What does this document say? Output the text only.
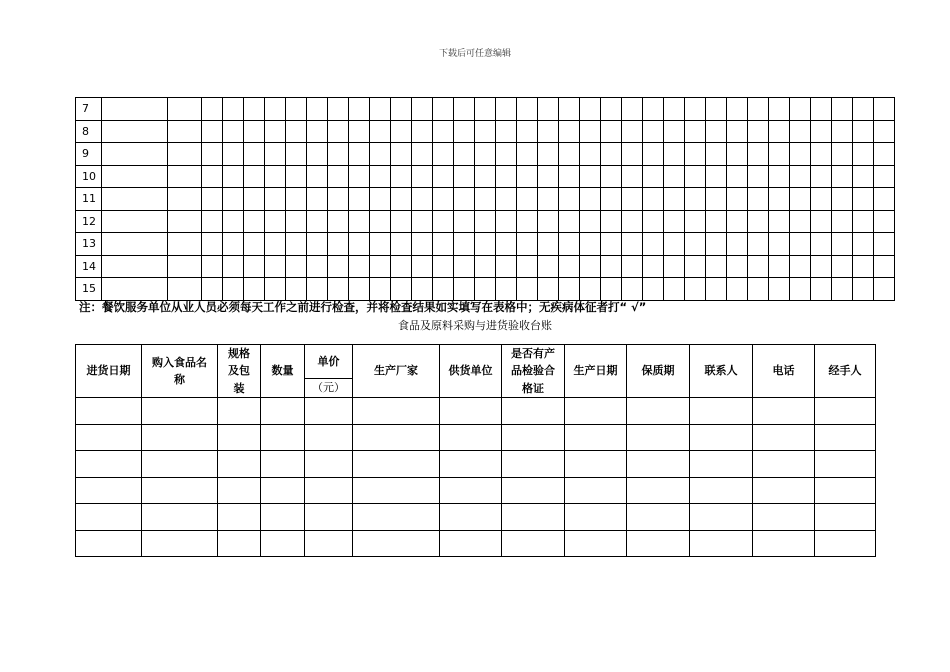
下载后可任意编辑
7																																			
8																																			
9																																			
10																																			
11																																			
12																																			
13																																			
14																																			
15																																			
注：餐饮服务单位从业人员必须每天工作之前进行检查，并将检查结果如实填写在表格中；无疾病体征者打“ √”
食品及原料采购与进货验收台账
进货日期	购入食品名称	规格及包装	数量	单价	生产厂家	供货单位	是否有产品检验合格证	生产日期	保质期	联系人	电话	经手人
				（元）								
